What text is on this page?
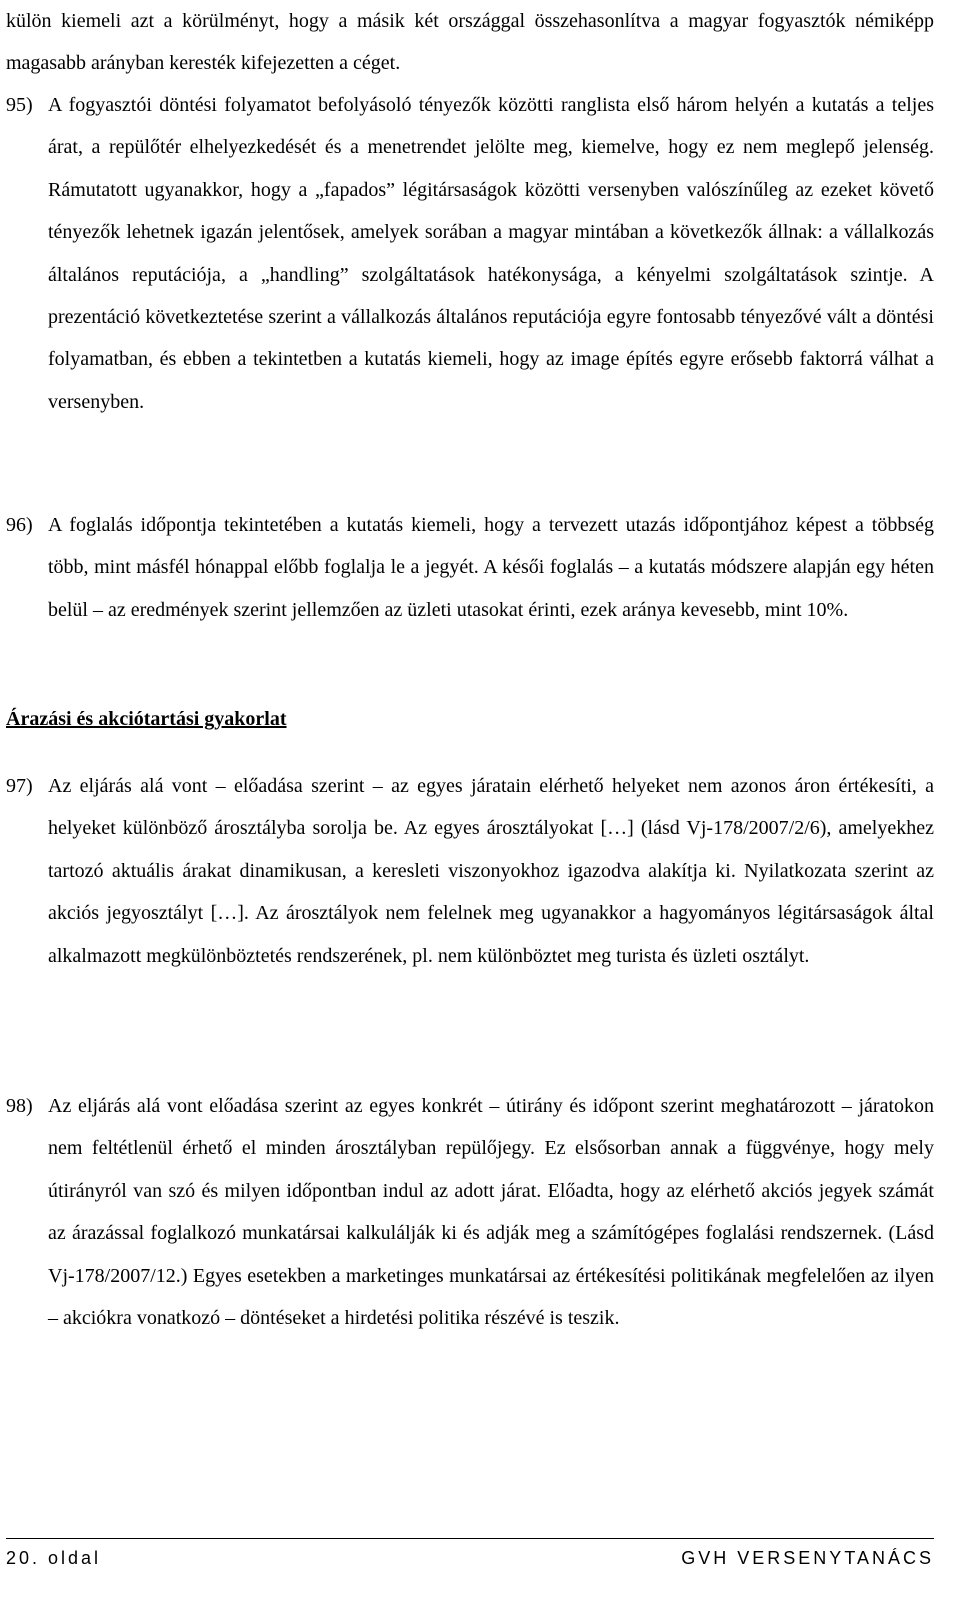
külön kiemeli azt a körülményt, hogy a másik két országgal összehasonlítva a magyar fogyasztók némiképp magasabb arányban keresték kifejezetten a céget.

95) A fogyasztói döntési folyamatot befolyásoló tényezők közötti ranglista első három helyén a kutatás a teljes árat, a repülőtér elhelyezkedését és a menetrendet jelölte meg, kiemelve, hogy ez nem meglepő jelenség. Rámutatott ugyanakkor, hogy a „fapados” légitársaságok közötti versenyben valószínűleg az ezeket követő tényezők lehetnek igazán jelentősek, amelyek sorában a magyar mintában a következők állnak: a vállalkozás általános reputációja, a „handling” szolgáltatások hatékonysága, a kényelmi szolgáltatások szintje. A prezentáció következtetése szerint a vállalkozás általános reputációja egyre fontosabb tényezővé vált a döntési folyamatban, és ebben a tekintetben a kutatás kiemeli, hogy az image építés egyre erősebb faktorrá válhat a versenyben.
96) A foglalás időpontja tekintetében a kutatás kiemeli, hogy a tervezett utazás időpontjához képest a többség több, mint másfél hónappal előbb foglalja le a jegyét. A késői foglalás – a kutatás módszere alapján egy héten belül – az eredmények szerint jellemzően az üzleti utasokat érinti, ezek aránya kevesebb, mint 10%.
Árazási és akciótartási gyakorlat
97) Az eljárás alá vont – előadása szerint – az egyes járatain elérhető helyeket nem azonos áron értékesíti, a helyeket különböző árosztályba sorolja be. Az egyes árosztályokat […] (lásd Vj-178/2007/2/6), amelyekhez tartozó aktuális árakat dinamikusan, a keresleti viszonyokhoz igazodva alakítja ki. Nyilatkozata szerint az akciós jegyosztályt […]. Az árosztályok nem felelnek meg ugyanakkor a hagyományos légitársaságok által alkalmazott megkülönböztetés rendszerének, pl. nem különböztet meg turista és üzleti osztályt.
98) Az eljárás alá vont előadása szerint az egyes konkrét – útirány és időpont szerint meghatározott – járatokon nem feltétlenül érhető el minden árosztályban repülőjegy. Ez elsősorban annak a függvénye, hogy mely útirányról van szó és milyen időpontban indul az adott járat. Előadta, hogy az elérhető akciós jegyek számát az árazással foglalkozó munkatársai kalkulálják ki és adják meg a számítógépes foglalási rendszernek. (Lásd Vj-178/2007/12.) Egyes esetekben a marketinges munkatársai az értékesítési politikának megfelelően az ilyen – akciókra vonatkozó – döntéseket a hirdetési politika részévé is teszik.
20. oldal	GVH VERSENYTANÁCS
